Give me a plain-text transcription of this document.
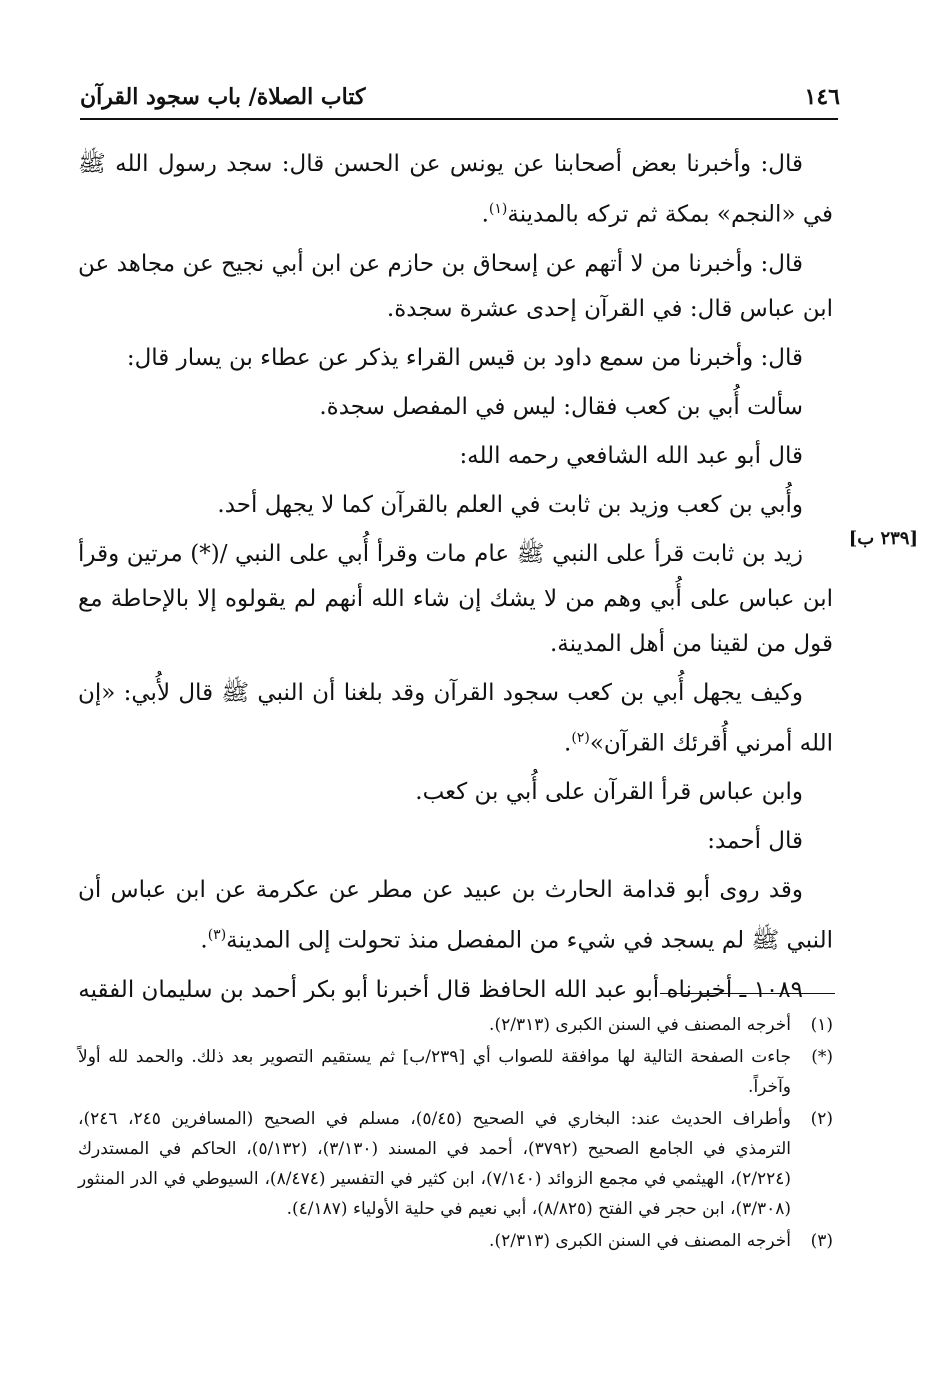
١٤٦
كتاب الصلاة/ باب سجود القرآن
[٢٣٩ ب]

قال: وأخبرنا بعض أصحابنا عن يونس عن الحسن قال: سجد رسول الله ﷺ في «النجم» بمكة ثم تركه بالمدينة$^{(١)}$.

قال: وأخبرنا من لا أتهم عن إسحاق بن حازم عن ابن أبي نجيح عن مجاهد عن ابن عباس قال: في القرآن إحدى عشرة سجدة.

قال: وأخبرنا من سمع داود بن قيس القراء يذكر عن عطاء بن يسار قال:

سألت أُبي بن كعب فقال: ليس في المفصل سجدة.

قال أبو عبد الله الشافعي رحمه الله:

وأُبي بن كعب وزيد بن ثابت في العلم بالقرآن كما لا يجهل أحد.

زيد بن ثابت قرأ على النبي ﷺ عام مات وقرأ أُبي على النبي /(*) مرتين وقرأ ابن عباس على أُبي وهم من لا يشك إن شاء الله أنهم لم يقولوه إلا بالإحاطة مع قول من لقينا من أهل المدينة.

وكيف يجهل أُبي بن كعب سجود القرآن وقد بلغنا أن النبي ﷺ قال لأُبي: «إن الله أمرني أُقرئك القرآن»$^{(٢)}$.

وابن عباس قرأ القرآن على أُبي بن كعب.

قال أحمد:

وقد روى أبو قدامة الحارث بن عبيد عن مطر عن عكرمة عن ابن عباس أن النبي ﷺ لم يسجد في شيء من المفصل منذ تحولت إلى المدينة$^{(٣)}$.

١٠٨٩ ـ أخبرناه أبو عبد الله الحافظ قال أخبرنا أبو بكر أحمد بن سليمان الفقيه

(١)
أخرجه المصنف في السنن الكبرى (٢/٣١٣).
(*)
جاءت الصفحة التالية لها موافقة للصواب أي [٢٣٩/ب] ثم يستقيم التصوير بعد ذلك. والحمد لله أولاً وآخراً.
(٢)
وأطراف الحديث عند: البخاري في الصحيح (٥/٤٥)، مسلم في الصحيح (المسافرين ٢٤٥، ٢٤٦)، الترمذي في الجامع الصحيح (٣٧٩٢)، أحمد في المسند (٣/١٣٠)، (٥/١٣٢)، الحاكم في المستدرك (٢/٢٢٤)، الهيثمي في مجمع الزوائد (٧/١٤٠)، ابن كثير في التفسير (٨/٤٧٤)، السيوطي في الدر المنثور (٣/٣٠٨)، ابن حجر في الفتح (٨/٨٢٥)، أبي نعيم في حلية الأولياء (٤/١٨٧).
(٣)
أخرجه المصنف في السنن الكبرى (٢/٣١٣).
